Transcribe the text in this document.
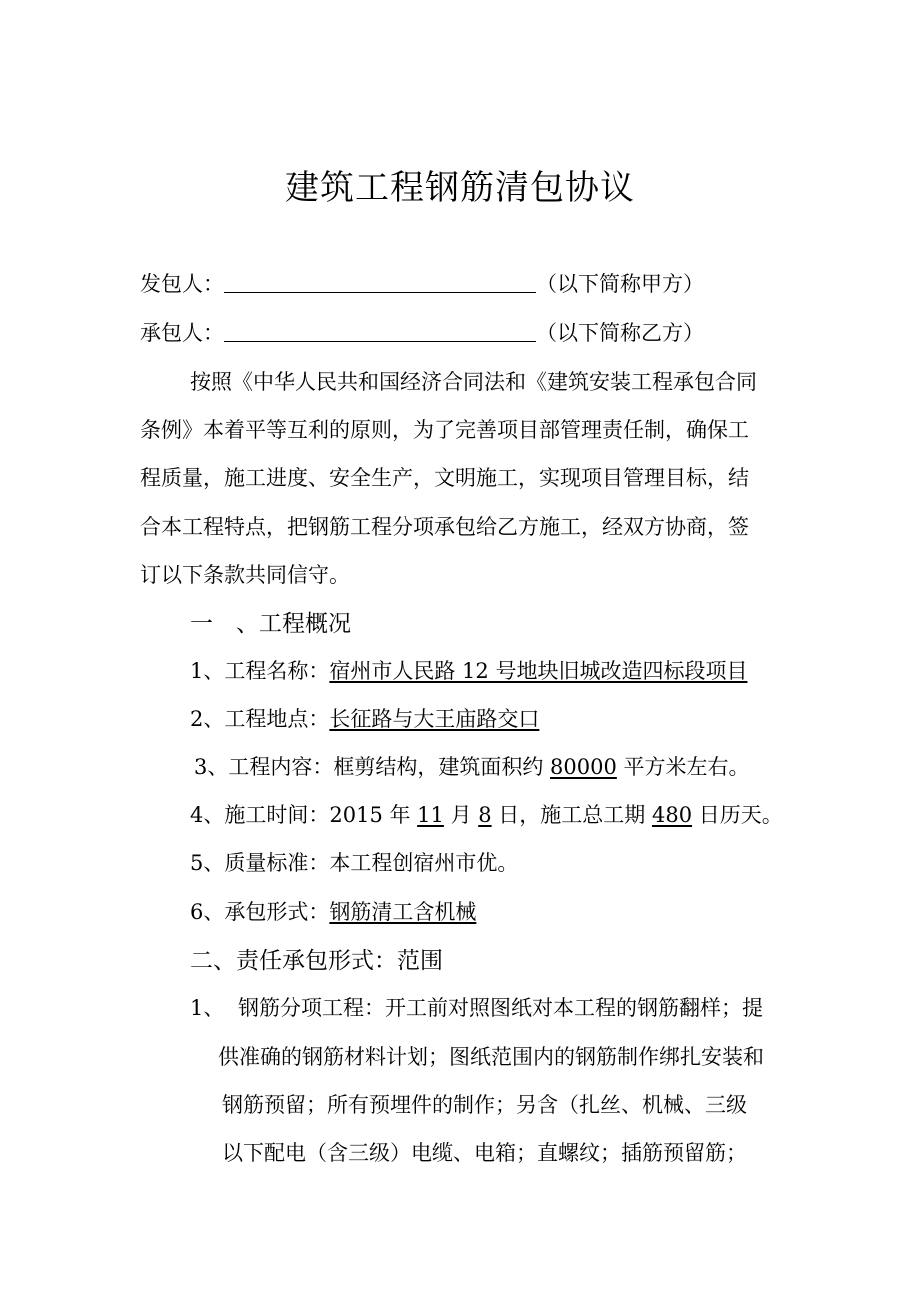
建筑工程钢筋清包协议
发包人：	（以下简称甲方）
承包人：	（以下简称乙方）
按照《中华人民共和国经济合同法和《建筑安装工程承包合同
条例》本着平等互利的原则，为了完善项目部管理责任制，确保工
程质量，施工进度、安全生产，文明施工，实现项目管理目标，结
合本工程特点，把钢筋工程分项承包给乙方施工，经双方协商，签
订以下条款共同信守。
一　、工程概况
1、工程名称：宿州市人民路 12 号地块旧城改造四标段项目
2、工程地点：长征路与大王庙路交口
3、工程内容：框剪结构，建筑面积约 80000 平方米左右。
4、施工时间：2015 年 11 月 8 日，施工总工期 480 日历天。
5、质量标准：本工程创宿州市优。
6、承包形式：钢筋清工含机械
二、责任承包形式：范围
1、 钢筋分项工程：开工前对照图纸对本工程的钢筋翻样；提
供准确的钢筋材料计划；图纸范围内的钢筋制作绑扎安装和
钢筋预留；所有预埋件的制作；另含（扎丝、机械、三级
以下配电（含三级）电缆、电箱；直螺纹；插筋预留筋；
